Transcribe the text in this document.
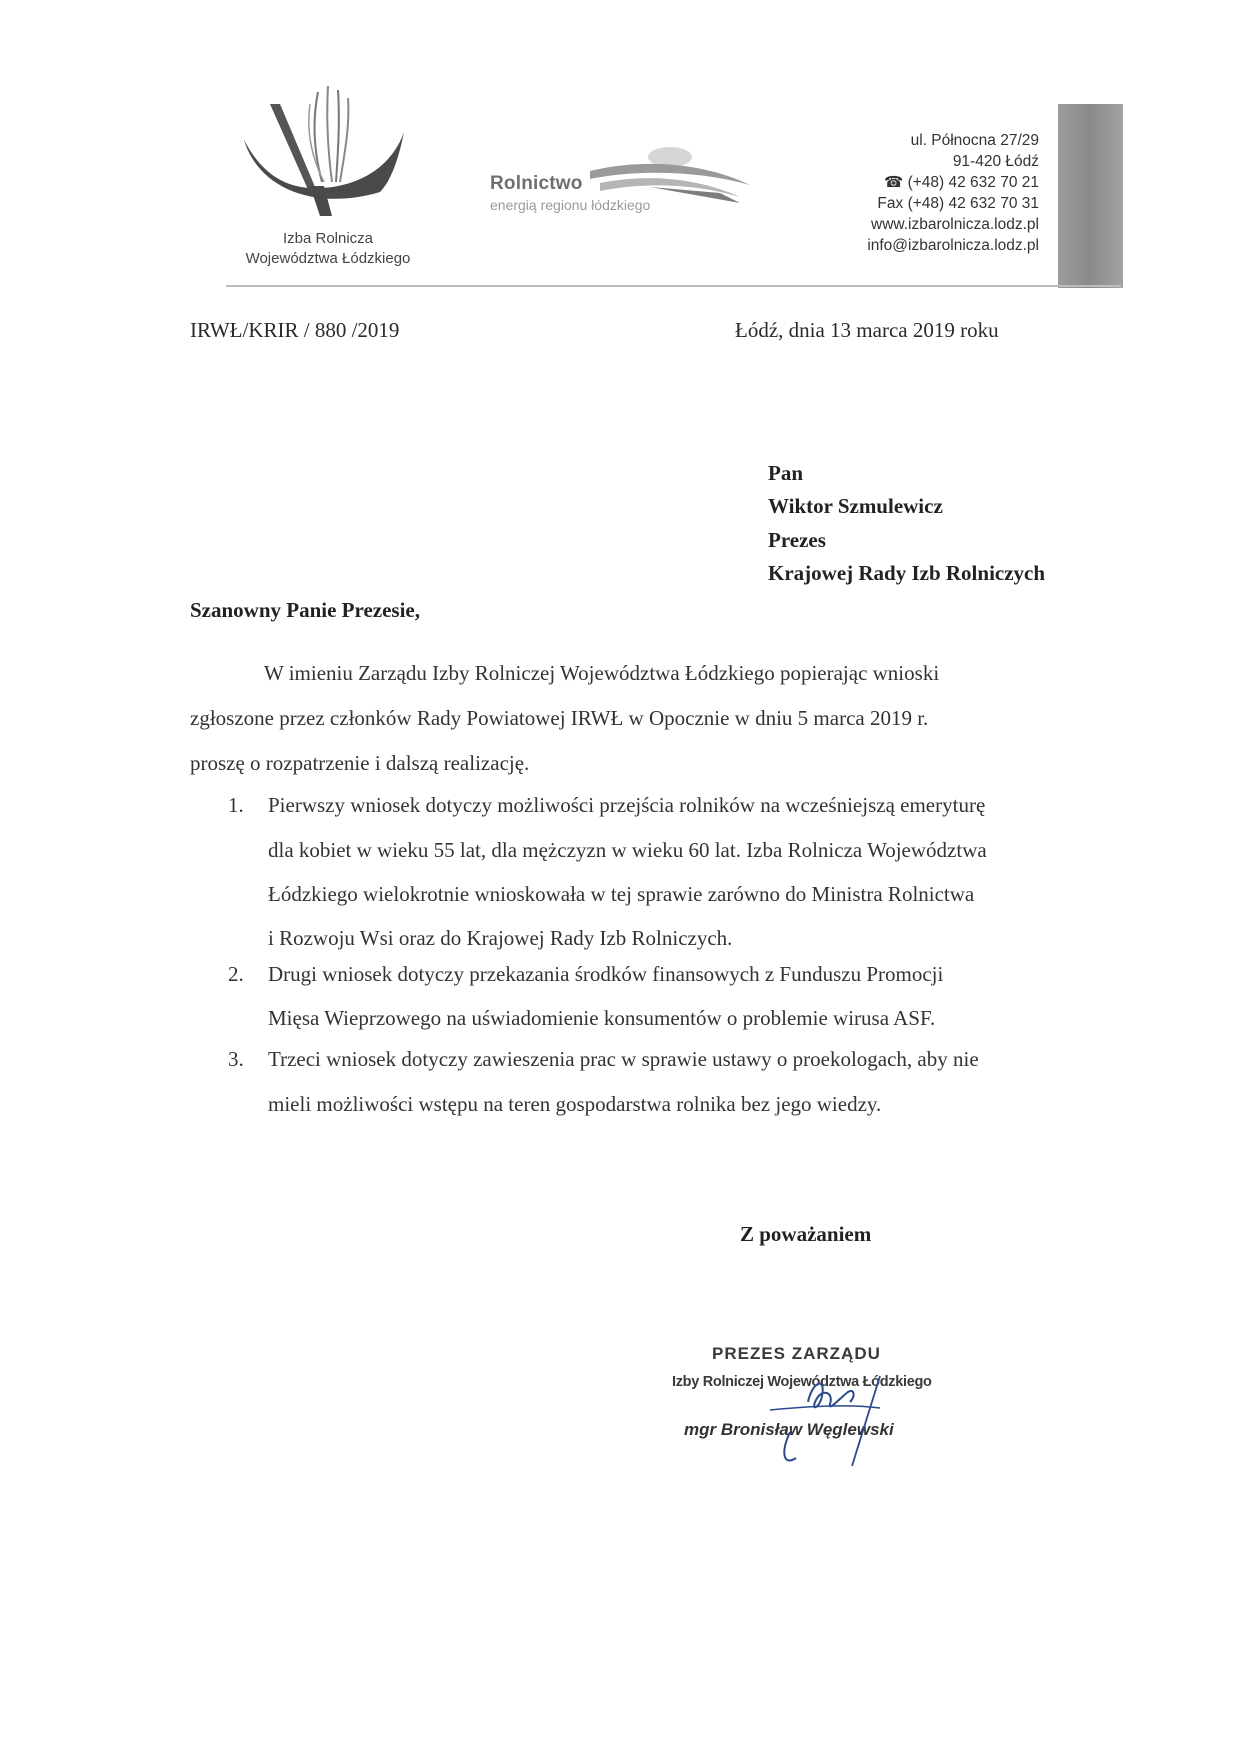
Izba Rolnicza
Województwa Łódzkiego
Rolnictwo
energią regionu łódzkiego
ul. Północna 27/29
91-420 Łódź
☎ (+48) 42 632 70 21
Fax (+48) 42 632 70 31
www.izbarolnicza.lodz.pl
info@izbarolnicza.lodz.pl
IRWŁ/KRIR / 880 /2019	Łódź, dnia 13 marca 2019 roku
Pan
Wiktor Szmulewicz
Prezes
Krajowej Rady Izb Rolniczych
Szanowny Panie Prezesie,
W imieniu Zarządu Izby Rolniczej Województwa Łódzkiego popierając wnioski
zgłoszone przez członków Rady Powiatowej IRWŁ w Opocznie w dniu 5 marca 2019 r.
proszę o rozpatrzenie i dalszą realizację.
1. Pierwszy wniosek dotyczy możliwości przejścia rolników na wcześniejszą emeryturę
dla kobiet w wieku 55 lat, dla mężczyzn w wieku 60 lat. Izba Rolnicza Województwa
Łódzkiego wielokrotnie wnioskowała w tej sprawie zarówno do Ministra Rolnictwa
i Rozwoju Wsi oraz do Krajowej Rady Izb Rolniczych.
2. Drugi wniosek dotyczy przekazania środków finansowych z Funduszu Promocji
Mięsa Wieprzowego na uświadomienie konsumentów o problemie wirusa ASF.
3. Trzeci wniosek dotyczy zawieszenia prac w sprawie ustawy o proekologach, aby nie
mieli możliwości wstępu na teren gospodarstwa rolnika bez jego wiedzy.
Z poważaniem
PREZES ZARZĄDU
Izby Rolniczej Województwa Łódzkiego
mgr Bronisław Węglewski
